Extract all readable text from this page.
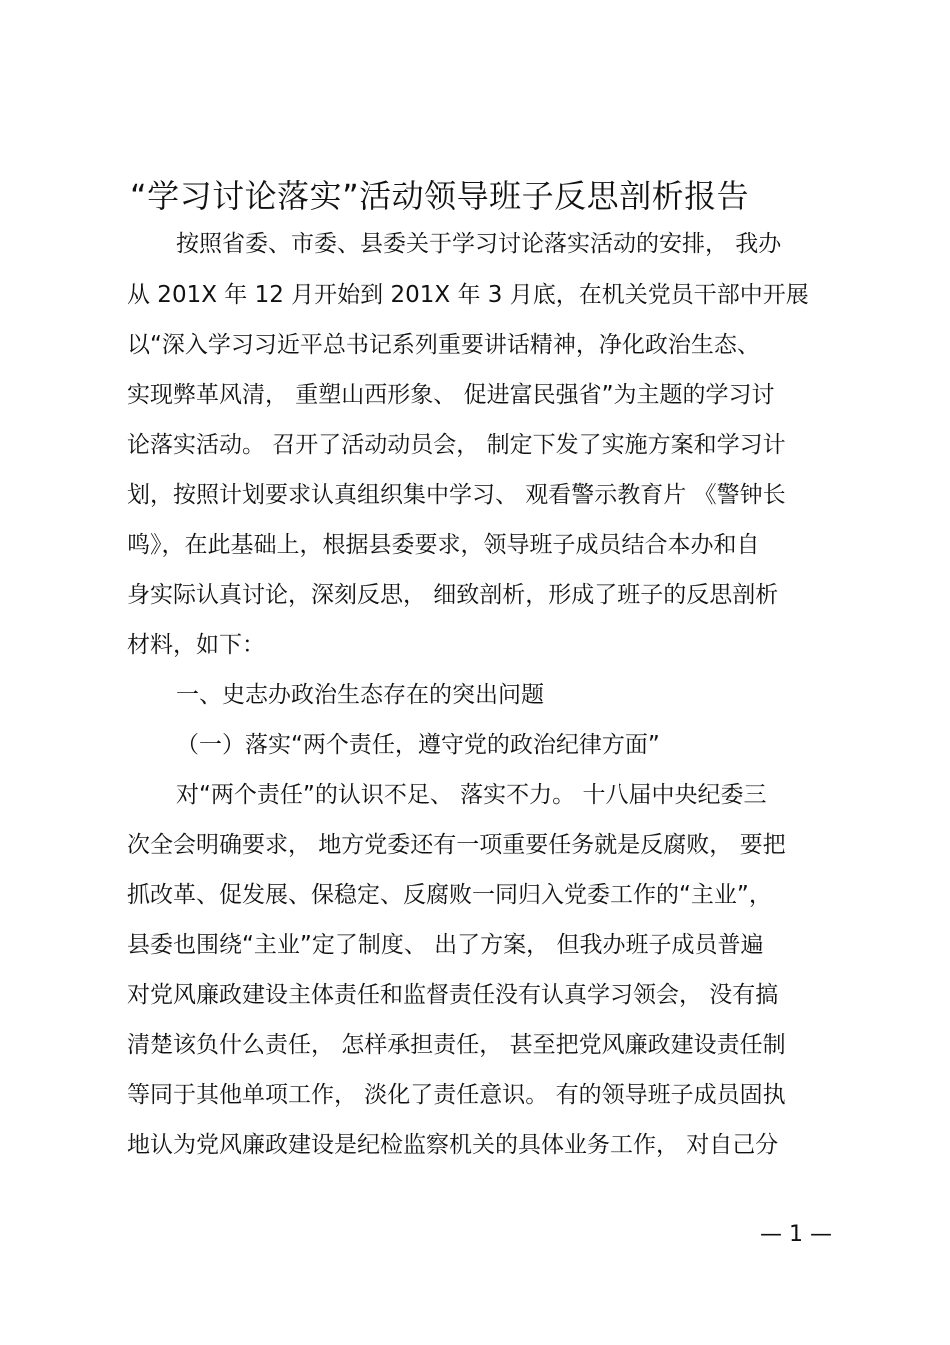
“学习讨论落实”活动领导班子反思剖析报告
按照省委、市委、县委关于学习讨论落实活动的安排， 我办
从 201X 年 12 月开始到 201X 年 3 月底，在机关党员干部中开展
以“深入学习习近平总书记系列重要讲话精神，净化政治生态、
实现弊革风清， 重塑山西形象、 促进富民强省”为主题的学习讨
论落实活动。 召开了活动动员会， 制定下发了实施方案和学习计
划，按照计划要求认真组织集中学习、 观看警示教育片 《警钟长
鸣》，在此基础上，根据县委要求，领导班子成员结合本办和自
身实际认真讨论，深刻反思， 细致剖析，形成了班子的反思剖析
材料，如下：
一、史志办政治生态存在的突出问题
（一）落实“两个责任，遵守党的政治纪律方面”
对“两个责任”的认识不足、 落实不力。 十八届中央纪委三
次全会明确要求， 地方党委还有一项重要任务就是反腐败， 要把
抓改革、促发展、保稳定、反腐败一同归入党委工作的“主业”，
县委也围绕“主业”定了制度、 出了方案， 但我办班子成员普遍
对党风廉政建设主体责任和监督责任没有认真学习领会， 没有搞
清楚该负什么责任， 怎样承担责任， 甚至把党风廉政建设责任制
等同于其他单项工作， 淡化了责任意识。 有的领导班子成员固执
地认为党风廉政建设是纪检监察机关的具体业务工作， 对自己分
— 1 —
